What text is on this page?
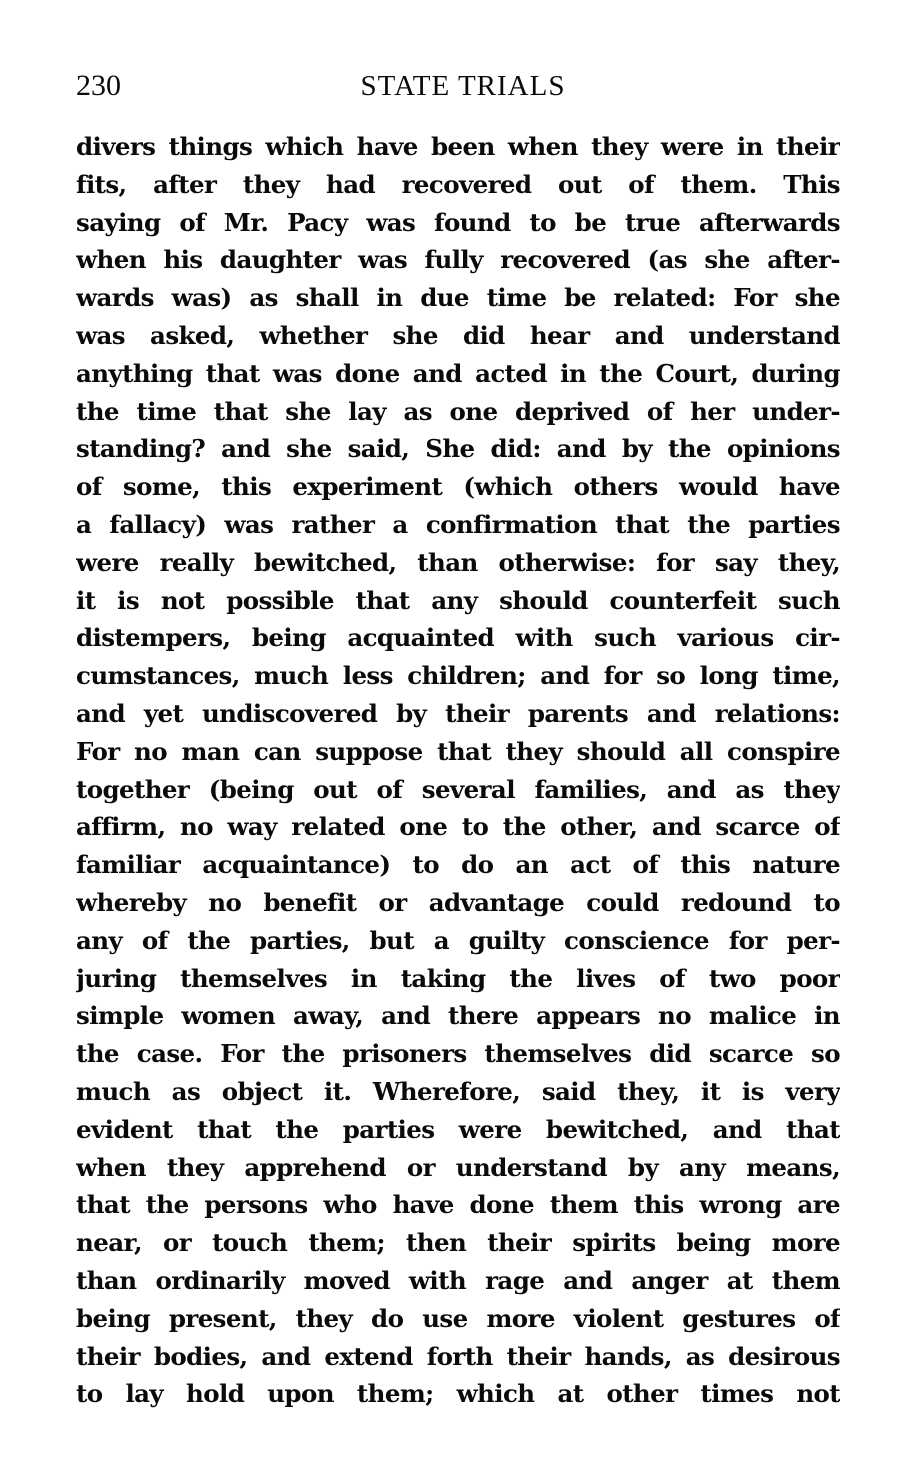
230	STATE TRIALS
divers things which have been when they were in their
fits, after they had recovered out of them. This
saying of Mr. Pacy was found to be true afterwards
when his daughter was fully recovered (as she after-
wards was) as shall in due time be related: For she
was asked, whether she did hear and understand
anything that was done and acted in the Court, during
the time that she lay as one deprived of her under-
standing? and she said, She did: and by the opinions
of some, this experiment (which others would have
a fallacy) was rather a confirmation that the parties
were really bewitched, than otherwise: for say they,
it is not possible that any should counterfeit such
distempers, being acquainted with such various cir-
cumstances, much less children; and for so long time,
and yet undiscovered by their parents and relations:
For no man can suppose that they should all conspire
together (being out of several families, and as they
affirm, no way related one to the other, and scarce of
familiar acquaintance) to do an act of this nature
whereby no benefit or advantage could redound to
any of the parties, but a guilty conscience for per-
juring themselves in taking the lives of two poor
simple women away, and there appears no malice in
the case. For the prisoners themselves did scarce so
much as object it. Wherefore, said they, it is very
evident that the parties were bewitched, and that
when they apprehend or understand by any means,
that the persons who have done them this wrong are
near, or touch them; then their spirits being more
than ordinarily moved with rage and anger at them
being present, they do use more violent gestures of
their bodies, and extend forth their hands, as desirous
to lay hold upon them; which at other times not
